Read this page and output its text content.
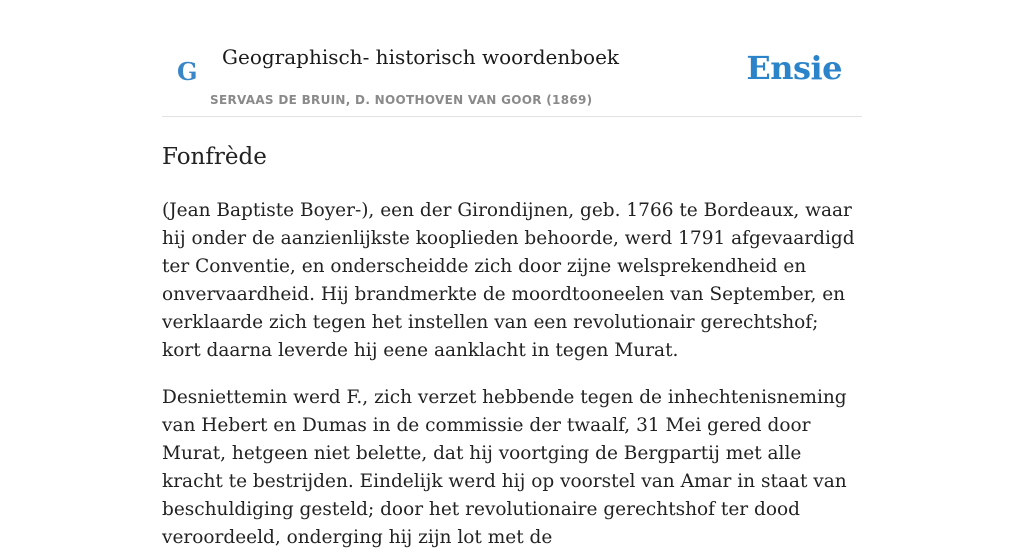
G Geographisch- historisch woordenboek
SERVAAS DE BRUIN, D. NOOTHOVEN VAN GOOR (1869)
Ensie
Fonfrède

(Jean Baptiste Boyer-), een der Girondijnen, geb. 1766 te Bordeaux, waar hij onder de aanzienlijkste kooplieden behoorde, werd 1791 afgevaardigd ter Conventie, en onderscheidde zich door zijne welsprekendheid en onvervaardheid. Hij brandmerkte de moordtooneelen van September, en verklaarde zich tegen het instellen van een revolutionair gerechtshof; kort daarna leverde hij eene aanklacht in tegen Murat.

Desniettemin werd F., zich verzet hebbende tegen de inhechtenisneming van Hebert en Dumas in de commissie der twaalf, 31 Mei gered door Murat, hetgeen niet belette, dat hij voortging de Bergpartij met alle kracht te bestrijden. Eindelijk werd hij op voorstel van Amar in staat van beschuldiging gesteld; door het revolutionaire gerechtshof ter dood veroordeeld, onderging hij zijn lot met de
